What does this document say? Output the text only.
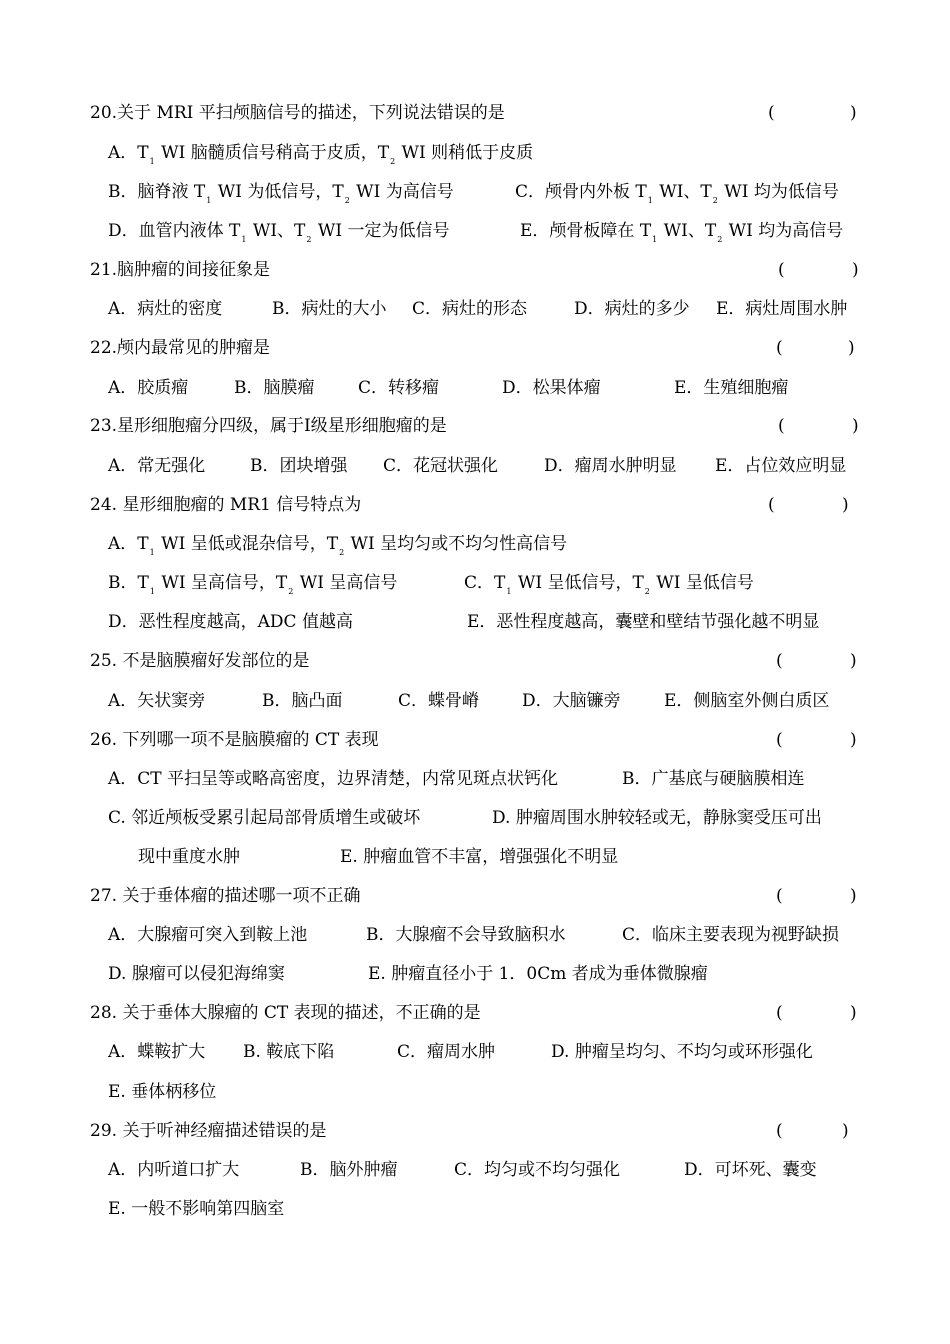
20.关于 MRI 平扫颅脑信号的描述，下列说法错误的是	(	)
A．$T_1$ WI 脑髓质信号稍高于皮质，$T_2$ WI 则稍低于皮质
B．脑脊液 $T_1$ WI 为低信号，$T_2$ WI 为高信号	C．颅骨内外板 $T_1$ WI、$T_2$ WI 均为低信号
D．血管内液体 $T_1$ WI、$T_2$ WI 一定为低信号	E．颅骨板障在 $T_1$ WI、$T_2$ WI 均为高信号
21.脑肿瘤的间接征象是	(	)
A．病灶的密度	B．病灶的大小 C．病灶的形态	D．病灶的多少 E．病灶周围水肿
22.颅内最常见的肿瘤是	(	)
A．胶质瘤	B．脑膜瘤	C．转移瘤	D．松果体瘤	E．生殖细胞瘤
23.星形细胞瘤分四级，属于Ⅰ级星形细胞瘤的是	(	)
A．常无强化	B．团块增强 C．花冠状强化	D．瘤周水肿明显 E．占位效应明显
24. 星形细胞瘤的 MR1 信号特点为	(	)
A．$T_1$ WI 呈低或混杂信号，$T_2$ WI 呈均匀或不均匀性高信号
B．$T_1$ WI 呈高信号，$T_2$ WI 呈高信号	C．$T_1$ WI 呈低信号，$T_2$ WI 呈低信号
D．恶性程度越高，ADC 值越高	E．恶性程度越高，囊壁和壁结节强化越不明显
25. 不是脑膜瘤好发部位的是	(	)
A．矢状窦旁	B．脑凸面	C．蝶骨嵴	D．大脑镰旁	E．侧脑室外侧白质区
26. 下列哪一项不是脑膜瘤的 CT 表现	(	)
A．CT 平扫呈等或略高密度，边界清楚，内常见斑点状钙化	B．广基底与硬脑膜相连
C. 邻近颅板受累引起局部骨质增生或破坏	D. 肿瘤周围水肿较轻或无，静脉窦受压可出
现中重度水肿	E. 肿瘤血管不丰富，增强强化不明显
27. 关于垂体瘤的描述哪一项不正确	(	)
A．大腺瘤可突入到鞍上池	B．大腺瘤不会导致脑积水	C．临床主要表现为视野缺损
D. 腺瘤可以侵犯海绵窦	E. 肿瘤直径小于 1．0Cm 者成为垂体微腺瘤
28. 关于垂体大腺瘤的 CT 表现的描述，不正确的是	(	)
A．蝶鞍扩大 B. 鞍底下陷	C．瘤周水肿	D. 肿瘤呈均匀、不均匀或环形强化
E. 垂体柄移位
29. 关于听神经瘤描述错误的是	(	)
A．内听道口扩大	B．脑外肿瘤	C．均匀或不均匀强化	D．可坏死、囊变
E. 一般不影响第四脑室
